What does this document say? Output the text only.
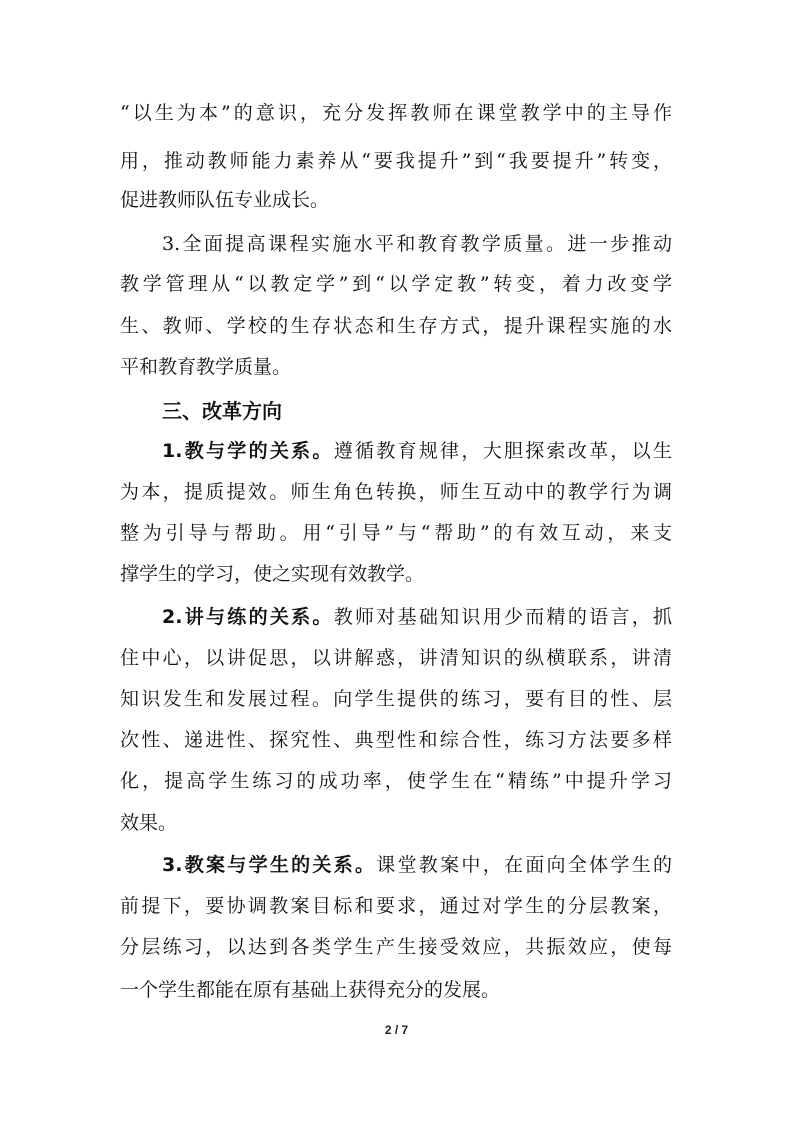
“以生为本”的意识，充分发挥教师在课堂教学中的主导作
用，推动教师能力素养从“要我提升”到“我要提升”转变，
促进教师队伍专业成长。
3.全面提高课程实施水平和教育教学质量。进一步推动
教学管理从“以教定学”到“以学定教”转变，着力改变学
生、教师、学校的生存状态和生存方式，提升课程实施的水
平和教育教学质量。
三、改革方向
1.教与学的关系。遵循教育规律，大胆探索改革，以生
为本，提质提效。师生角色转换，师生互动中的教学行为调
整为引导与帮助。用“引导”与“帮助”的有效互动，来支
撑学生的学习，使之实现有效教学。
2.讲与练的关系。教师对基础知识用少而精的语言，抓
住中心，以讲促思，以讲解惑，讲清知识的纵横联系，讲清
知识发生和发展过程。向学生提供的练习，要有目的性、层
次性、递进性、探究性、典型性和综合性，练习方法要多样
化，提高学生练习的成功率，使学生在“精练”中提升学习
效果。
3.教案与学生的关系。课堂教案中，在面向全体学生的
前提下，要协调教案目标和要求，通过对学生的分层教案，
分层练习，以达到各类学生产生接受效应，共振效应，使每
一个学生都能在原有基础上获得充分的发展。
2 / 7
